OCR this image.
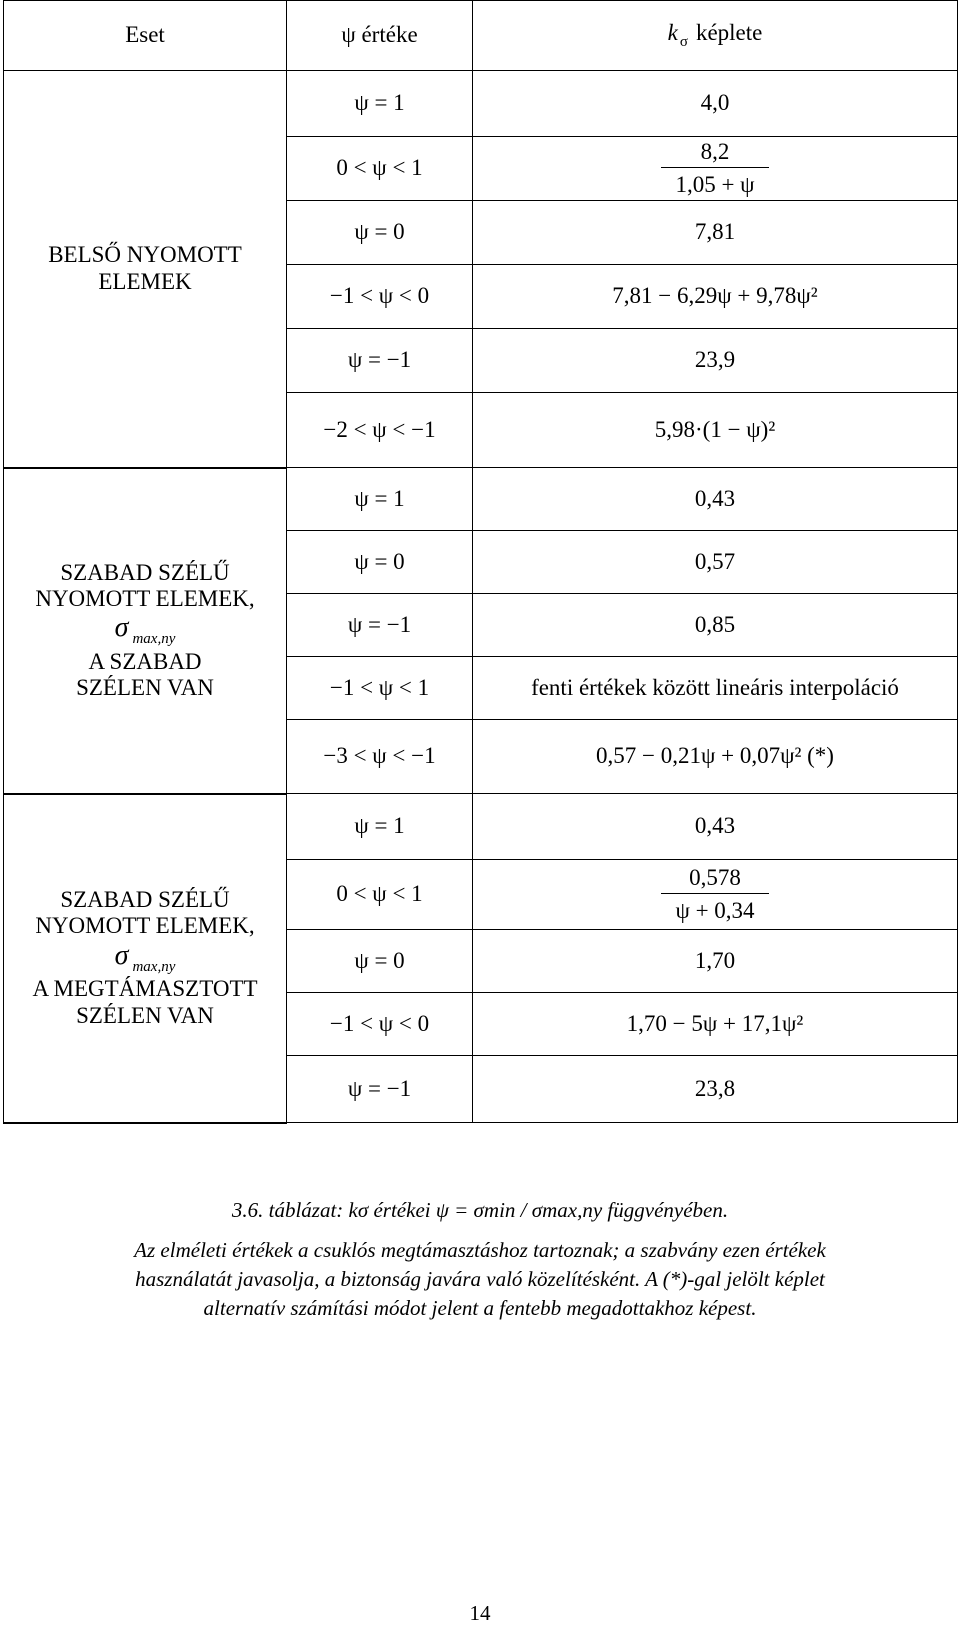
Eset	ψ értéke	k $_\sigma$ képlete

BELSŐ NYOMOTT
ELEMEK	ψ = 1	4,0
	0 < ψ < 1	$\frac{8,2}{1,05 + \psi}$

	ψ = 0	7,81
	−1 < ψ < 0	7,81 − 6,29ψ + 9,78ψ²
	ψ = −1	23,9
	−2 < ψ < −1	5,98·(1 − ψ)²

SZABAD SZÉLŰ
NYOMOTT ELEMEK,
σ $_{max,ny}$
A SZABAD
SZÉLEN VAN	ψ = 1	0,43
	ψ = 0	0,57
	ψ = −1	0,85
	−1 < ψ < 1	fenti értékek között lineáris interpoláció
	−3 < ψ < −1	0,57 − 0,21ψ + 0,07ψ² (*)

SZABAD SZÉLŰ
NYOMOTT ELEMEK,
σ $_{max,ny}$
A MEGTÁMASZTOTT
SZÉLEN VAN	ψ = 1	0,43
	0 < ψ < 1	$\frac{0,578}{\psi + 0,34}$

	ψ = 0	1,70
	−1 < ψ < 0	1,70 − 5ψ + 17,1ψ²
	ψ = −1	23,8
3.6. táblázat: kσ értékei ψ = σmin / σmax,ny függvényében.
Az elméleti értékek a csuklós megtámasztáshoz tartoznak; a szabvány ezen értékek
használatát javasolja, a biztonság javára való közelítésként. A (*)-gal jelölt képlet
alternatív számítási módot jelent a fentebb megadottakhoz képest.
14
